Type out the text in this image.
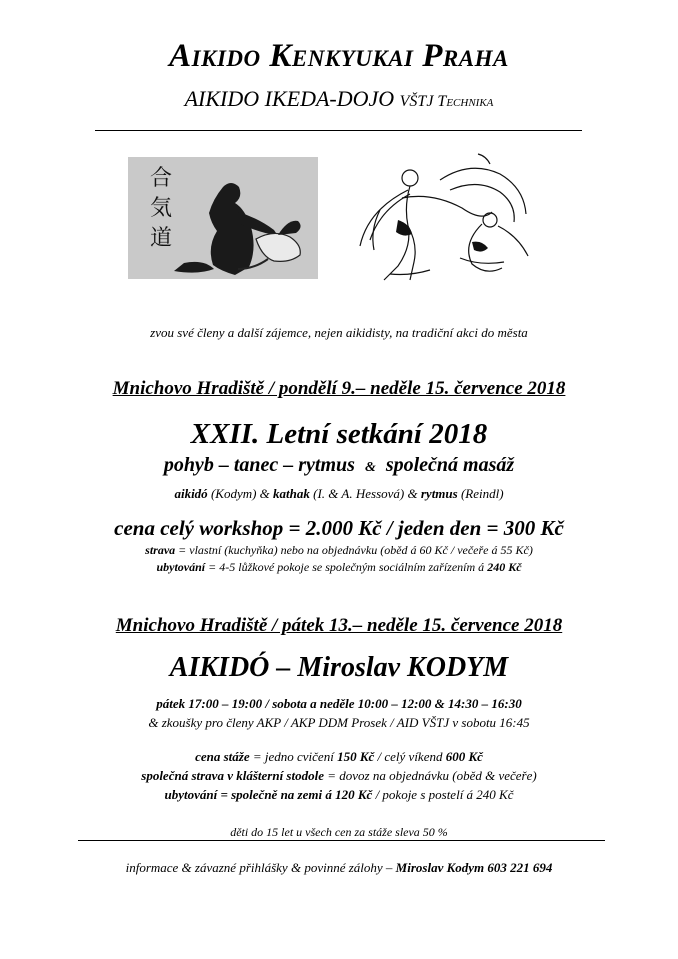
Aikido Kenkyukai Praha
AIKIDO IKEDA-DOJO VŠTJ Technika
合
気
道
zvou své členy a další zájemce, nejen aikidisty, na tradiční akci do města
Mnichovo Hradiště / pondělí 9.– neděle 15. července 2018
XXII. Letní setkání 2018
pohyb – tanec – rytmus & společná masáž
aikidó (Kodym) & kathak (I. & A. Hessová) & rytmus (Reindl)
cena celý workshop = 2.000 Kč / jeden den = 300 Kč
strava = vlastní (kuchyňka) nebo na objednávku (oběd á 60 Kč / večeře á 55 Kč)
ubytování = 4-5 lůžkové pokoje se společným sociálním zařízením á 240 Kč
Mnichovo Hradiště / pátek 13.– neděle 15. července 2018
AIKIDÓ – Miroslav KODYM
pátek 17:00 – 19:00 / sobota a neděle 10:00 – 12:00 & 14:30 – 16:30
& zkoušky pro členy AKP / AKP DDM Prosek / AID VŠTJ v sobotu 16:45
cena stáže = jedno cvičení 150 Kč / celý víkend 600 Kč
společná strava v klášterní stodole = dovoz na objednávku (oběd & večeře)
ubytování = společně na zemi á 120 Kč / pokoje s postelí á 240 Kč
děti do 15 let u všech cen za stáže sleva 50 %
informace & závazné přihlášky & povinné zálohy – Miroslav Kodym 603 221 694
